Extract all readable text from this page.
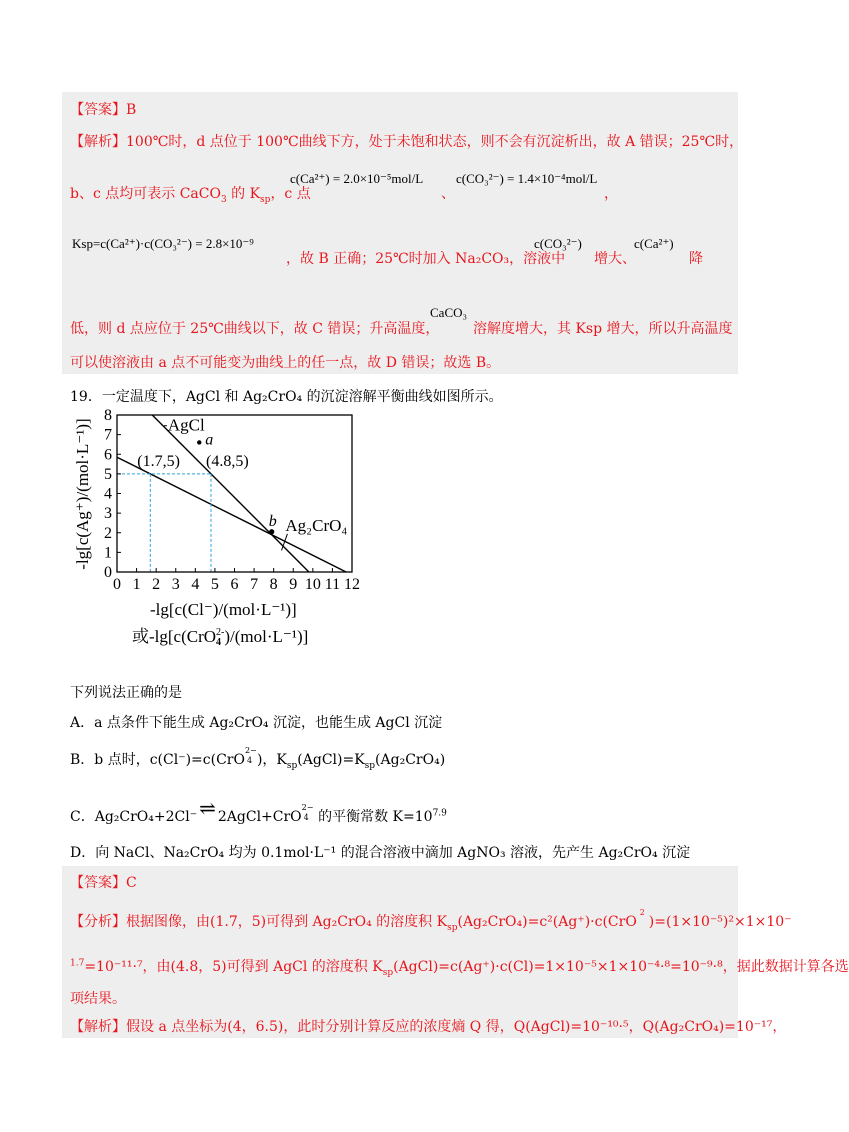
【答案】B
【解析】100℃时，d 点位于 100℃曲线下方，处于未饱和状态，则不会有沉淀析出，故 A 错误；25℃时，
b、c 点均可表示 CaCO$_3$ 的 $K_{sp}$，c 点
c(Ca²⁺) = 2.0×10⁻⁵mol/L
、
c(CO₃²⁻) = 1.4×10⁻⁴mol/L
，
Ksp=c(Ca²⁺)·c(CO₃²⁻) = 2.8×10⁻⁹
，故 B 正确；25℃时加入 Na₂CO₃，溶液中
c(CO₃²⁻)
增大、
c(Ca²⁺)
降
低，则 d 点应位于 25℃曲线以下，故 C 错误；升高温度，
CaCO₃
溶解度增大，其 Ksp 增大，所以升高温度
可以使溶液由 a 点不可能变为曲线上的任一点，故 D 错误；故选 B。
19．一定温度下，AgCl 和 Ag₂CrO₄ 的沉淀溶解平衡曲线如图所示。
0 1 2 3 4 5 6 7 8 9 10 11 12
0
1
2
3
4
5
6
7
8
(1.7,5) (4.8,5)
a
b
AgCl
Ag₂CrO₄
-lg[c(Ag⁺)/(mol·L⁻¹)]
-lg[c(Cl⁻)/(mol·L⁻¹)]
或-lg[c(CrO 2-
4 )/(mol·L⁻¹)]
下列说法正确的是
A．a 点条件下能生成 Ag₂CrO₄ 沉淀，也能生成 AgCl 沉淀
B．b 点时，c(Cl⁻)=c(CrO
2−
4 )，$K_{sp}(AgCl)=K_{sp}(Ag_2CrO_4)$
C．Ag₂CrO₄+2Cl⁻ ⇌ 2AgCl+CrO
2−
4 的平衡常数 $K=10^{7.9}$
D．向 NaCl、Na₂CrO₄ 均为 0.1mol·L⁻¹ 的混合溶液中滴加 AgNO₃ 溶液，先产生 Ag₂CrO₄ 沉淀
【答案】C
【分析】根据图像，由(1.7，5)可得到 Ag₂CrO₄ 的溶度积 $K_{sp}(Ag_2CrO_4)=c^2(Ag^+)\cdot c(CrO$
2
)=(1×10⁻⁵)²×1×10⁻
$^{1.7}$=10⁻¹¹·⁷，由(4.8，5)可得到 AgCl 的溶度积 $K_{sp}(AgCl)=c(Ag^+)\cdot c(Cl)=1\times 10^{-5}\times 1\times 10^{-4}\cdot^8=10^{-9}\cdot^8$，据此数据计算各选
项结果。
【解析】假设 a 点坐标为(4，6.5)，此时分别计算反应的浓度熵 Q 得，Q(AgCl)=10⁻¹⁰·⁵，Q(Ag₂CrO₄)=10⁻¹⁷，
